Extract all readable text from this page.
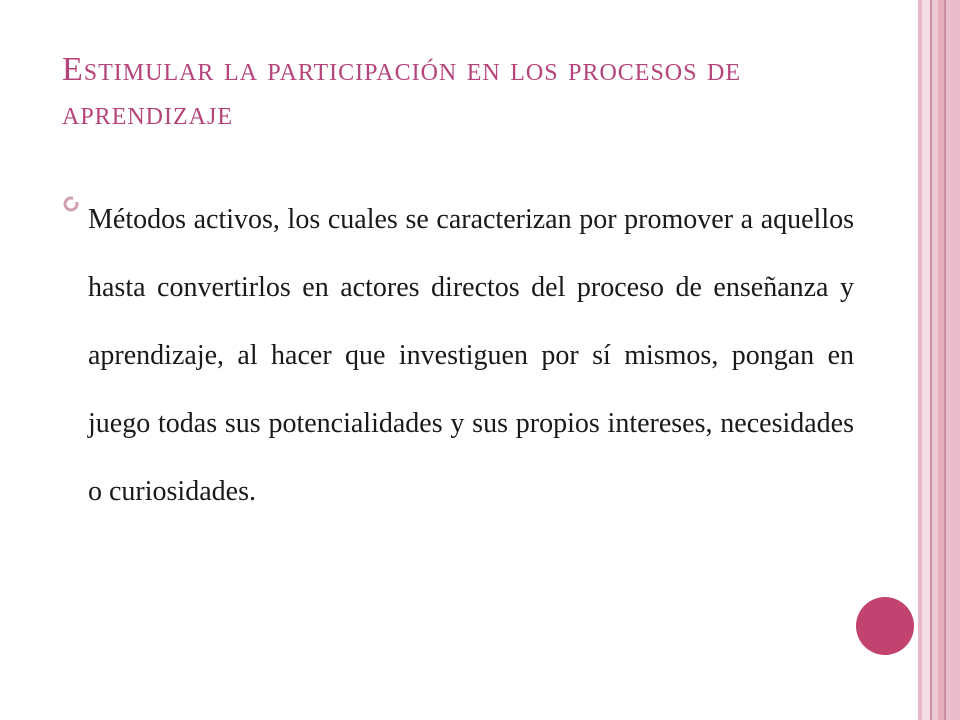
Estimular la participación en los procesos de aprendizaje

Métodos activos, los cuales se caracterizan por promover a aquellos hasta convertirlos en actores directos del proceso de enseñanza y aprendizaje, al hacer que investiguen por sí mismos, pongan en juego todas sus potencialidades y sus propios intereses, necesidades o curiosidades.
